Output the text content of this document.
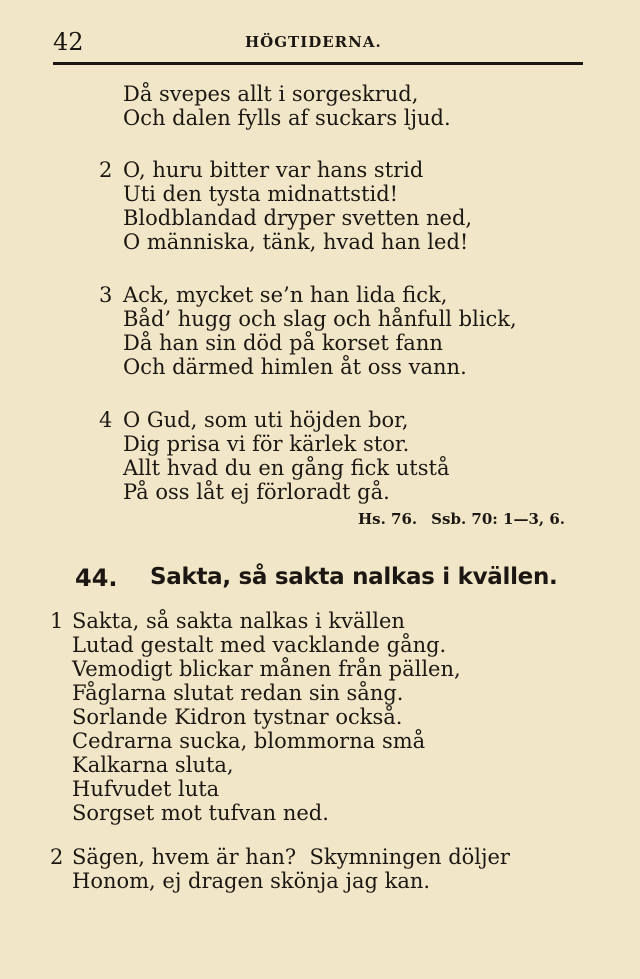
42	HÖGTIDERNA.
Då svepes allt i sorgeskrud,
Och dalen fylls af suckars ljud.
2 O, huru bitter var hans strid
Uti den tysta midnattstid!
Blodblandad dryper svetten ned,
O människa, tänk, hvad han led!
3 Ack, mycket se’n han lida fick,
Båd’ hugg och slag och hånfull blick,
Då han sin död på korset fann
Och därmed himlen åt oss vann.
4 O Gud, som uti höjden bor,
Dig prisa vi för kärlek stor.
Allt hvad du en gång fick utstå
På oss låt ej förloradt gå.
Hs. 76. Ssb. 70: 1—3, 6.
44. Sakta, så sakta nalkas i kvällen.
1 Sakta, så sakta nalkas i kvällen
Lutad gestalt med vacklande gång.
Vemodigt blickar månen från pällen,
Fåglarna slutat redan sin sång.
Sorlande Kidron tystnar också.
Cedrarna sucka, blommorna små
Kalkarna sluta,
Hufvudet luta
Sorgset mot tufvan ned.
2 Sägen, hvem är han?  Skymningen döljer
Honom, ej dragen skönja jag kan.
